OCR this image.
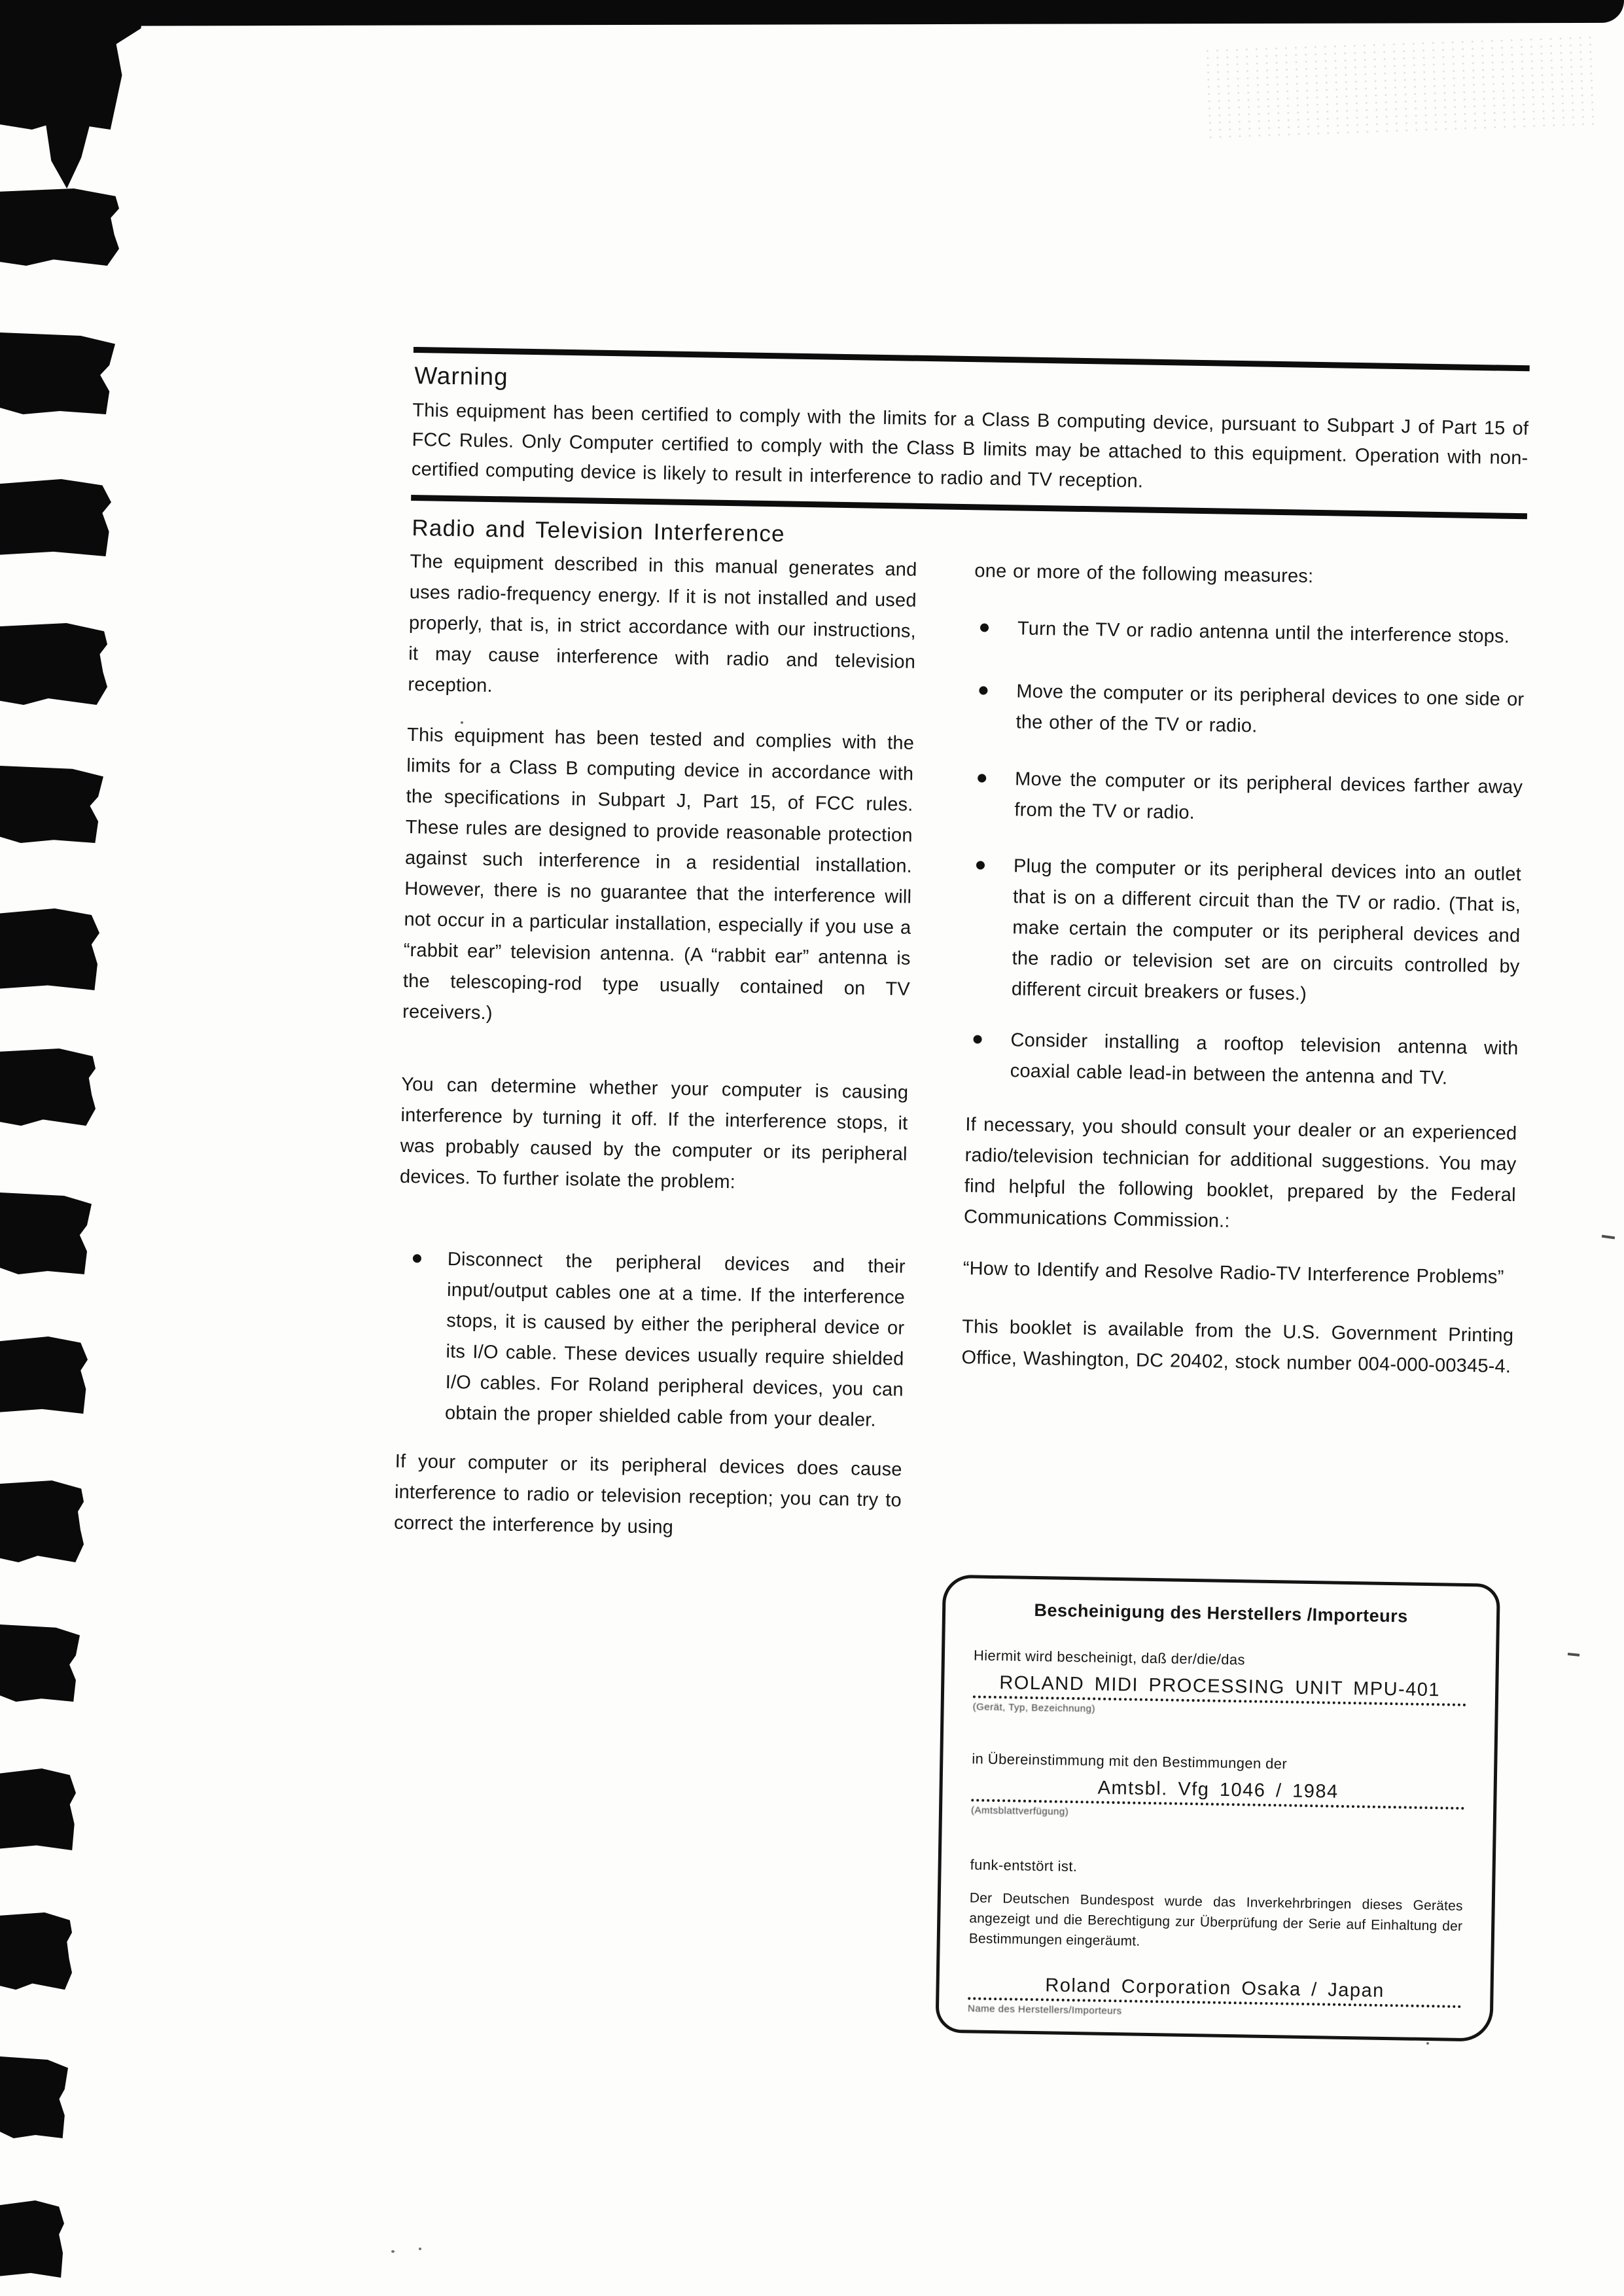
Warning

This equipment has been certified to comply with the limits for a Class B computing device, pursuant to Subpart J of Part 15 of FCC Rules. Only Computer certified to comply with the Class B limits may be attached to this equipment. Operation with non-certified computing device is likely to result in interference to radio and TV reception.

Radio and Television Interference

The equipment described in this manual generates and uses radio-frequency energy. If it is not installed and used properly, that is, in strict accordance with our instructions, it may cause interference with radio and television reception.

This equipment has been tested and complies with the limits for a Class B computing device in accordance with the specifications in Subpart J, Part 15, of FCC rules. These rules are designed to provide reasonable protection against such interference in a residential installation. However, there is no guarantee that the interference will not occur in a particular installation, especially if you use a “rabbit ear” television antenna. (A “rabbit ear” antenna is the telescoping-rod type usually contained on TV receivers.)

You can determine whether your computer is causing interference by turning it off. If the interference stops, it was probably caused by the computer or its peripheral devices. To further isolate the problem:

Disconnect the peripheral devices and their input/output cables one at a time. If the interference stops, it is caused by either the peripheral device or its I/O cable. These devices usually require shielded I/O cables. For Roland peripheral devices, you can obtain the proper shielded cable from your dealer.

If your computer or its peripheral devices does cause interference to radio or television reception; you can try to correct the interference by using

one or more of the following measures:

Turn the TV or radio antenna until the interference stops.

Move the computer or its peripheral devices to one side or the other of the TV or radio.

Move the computer or its peripheral devices farther away from the TV or radio.

Plug the computer or its peripheral devices into an outlet that is on a different circuit than the TV or radio. (That is, make certain the computer or its peripheral devices and the radio or television set are on circuits controlled by different circuit breakers or fuses.)

Consider installing a rooftop television antenna with coaxial cable lead-in between the antenna and TV.

If necessary, you should consult your dealer or an experienced radio/television technician for additional suggestions. You may find helpful the following booklet, prepared by the Federal Communications Commission.:

“How to Identify and Resolve Radio-TV Interference Problems”

This booklet is available from the U.S. Government Printing Office, Washington, DC 20402, stock number 004-000-00345-4.

Bescheinigung des Herstellers /Importeurs

Hiermit wird bescheinigt, daß der/die/das

ROLAND MIDI PROCESSING UNIT MPU-401

(Gerät, Typ, Bezeichnung)

in Übereinstimmung mit den Bestimmungen der

Amtsbl. Vfg 1046 / 1984

(Amtsblattverfügung)

funk-entstört ist.

Der Deutschen Bundespost wurde das Inverkehrbringen dieses Gerätes angezeigt und die Berechtigung zur Überprüfung der Serie auf Einhaltung der Bestimmungen eingeräumt.

Roland Corporation Osaka / Japan

Name des Herstellers/Importeurs
